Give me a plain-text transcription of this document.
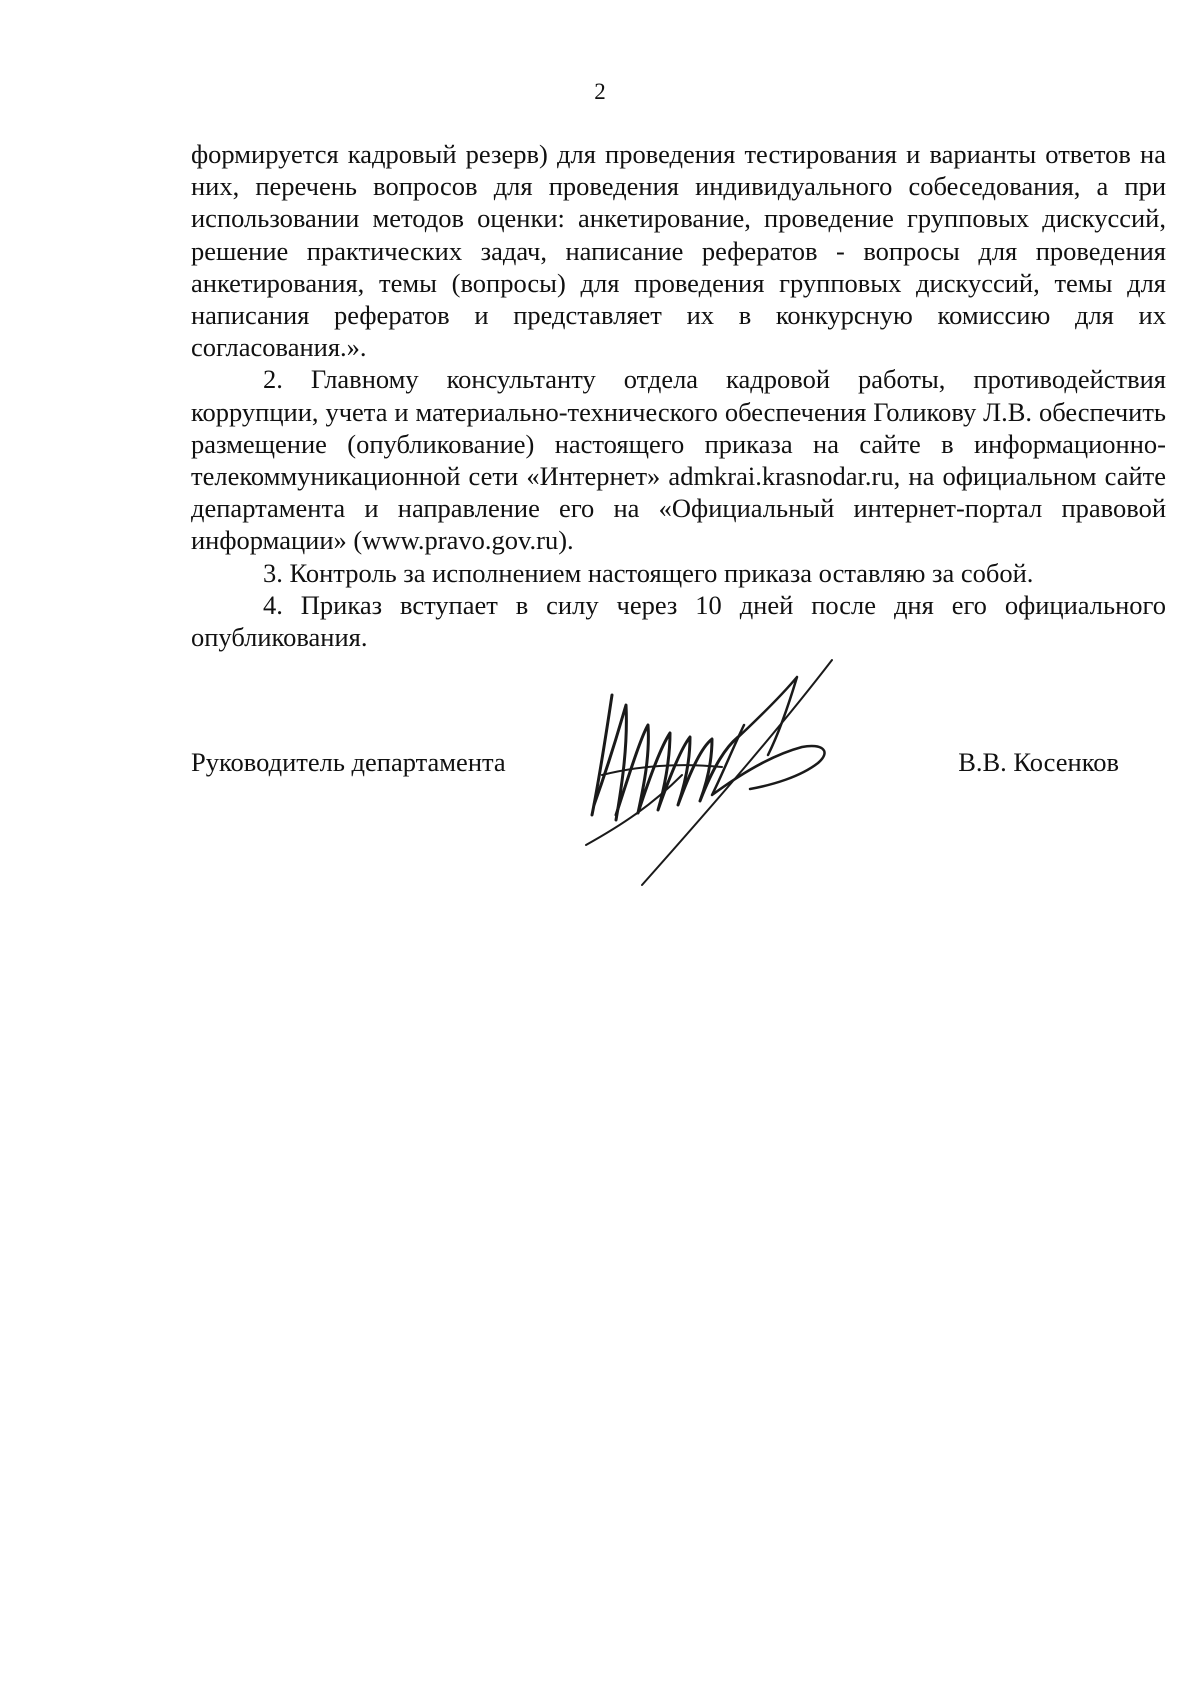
2

формируется кадровый резерв) для проведения тестирования и варианты ответов на них, перечень вопросов для проведения индивидуального собеседования, а при использовании методов оценки: анкетирование, проведение групповых дискуссий, решение практических задач, написание рефератов - вопросы для проведения анкетирования, темы (вопросы) для проведения групповых дискуссий, темы для написания рефератов и представляет их в конкурсную комиссию для их согласования.».

2. Главному консультанту отдела кадровой работы, противодействия коррупции, учета и материально-технического обеспечения Голикову Л.В. обеспечить размещение (опубликование) настоящего приказа на сайте в информационно-телекоммуникационной сети «Интернет» admkrai.krasnodar.ru, на официальном сайте департамента и направление его на «Официальный интернет-портал правовой информации» (www.pravo.gov.ru).

3. Контроль за исполнением настоящего приказа оставляю за собой.

4. Приказ вступает в силу через 10 дней после дня его официального опубликования.

Руководитель департамента	В.В. Косенков
